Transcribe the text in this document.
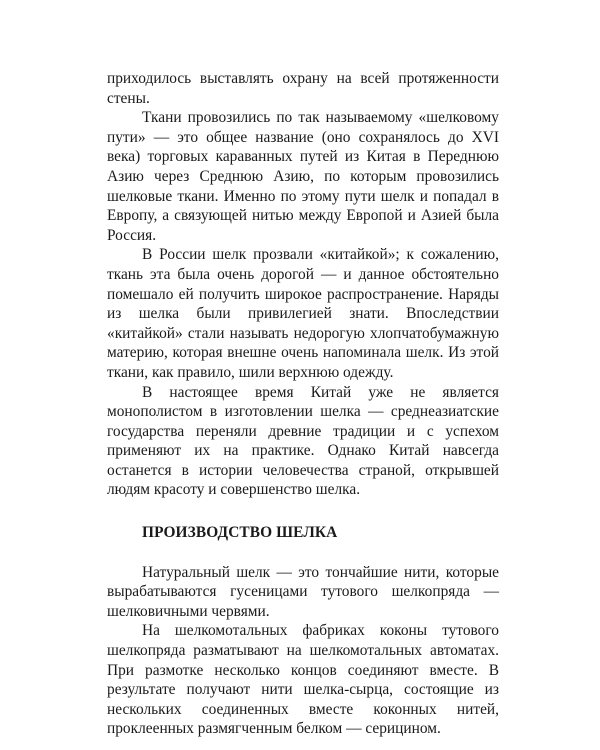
приходилось выставлять охрану на всей протяженности стены.

Ткани провозились по так называемому «шелковому пути» — это общее название (оно сохранялось до XVI века) торговых караванных путей из Китая в Переднюю Азию через Среднюю Азию, по которым провозились шелковые ткани. Именно по этому пути шелк и попадал в Европу, а связующей нитью между Европой и Азией была Россия.

В России шелк прозвали «китайкой»; к сожалению, ткань эта была очень дорогой — и данное обстоятельно помешало ей получить широкое распространение. Наряды из шелка были привилегией знати. Впоследствии «китайкой» стали называть недорогую хлопчатобумажную материю, которая внешне очень напоминала шелк. Из этой ткани, как правило, шили верхнюю одежду.

В настоящее время Китай уже не является монополистом в изготовлении шелка — среднеазиатские государства переняли древние традиции и с успехом применяют их на практике. Однако Китай навсегда останется в истории человечества страной, открывшей людям красоту и совершенство шелка.

ПРОИЗВОДСТВО ШЕЛКА

Натуральный шелк — это тончайшие нити, которые вырабатываются гусеницами тутового шелкопряда — шелковичными червями.

На шелкомотальных фабриках коконы тутового шелкопряда разматывают на шелкомотальных автоматах. При размотке несколько концов соединяют вместе. В результате получают нити шелка-сырца, состоящие из нескольких соединенных вместе коконных нитей, проклеенных размягченным белком — серицином.
